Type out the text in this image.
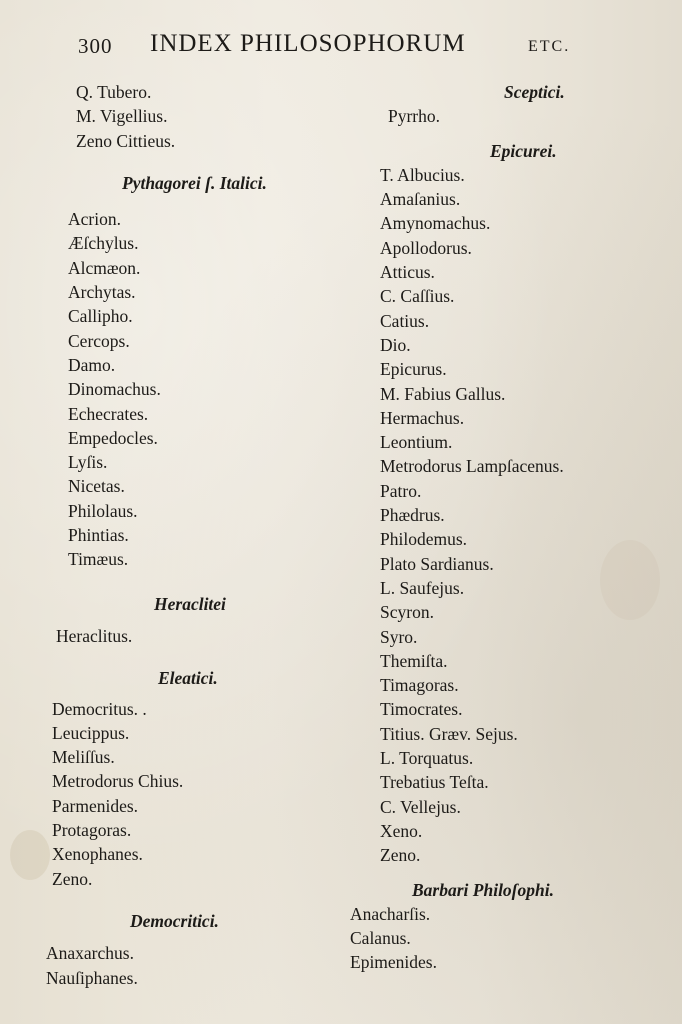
300 INDEX PHILOSOPHORUM	ETC.
Q. Tubero.
M. Vigellius.
Zeno Cittieus.
Pythagorei ſ. Italici.
Acrion.
Æſchylus.
Alcmæon.
Archytas.
Callipho.
Cercops.
Damo.
Dinomachus.
Echecrates.
Empedocles.
Lyſis.
Nicetas.
Philolaus.
Phintias.
Timæus.
Heraclitei
Heraclitus.
Eleatici.
Democritus. .
Leucippus.
Meliſſus.
Metrodorus Chius.
Parmenides.
Protagoras.
Xenophanes.
Zeno.
Democritici.
Anaxarchus.
Nauſiphanes.
Sceptici.
Pyrrho.
Epicurei.
T. Albucius.
Amaſanius.
Amynomachus.
Apollodorus.
Atticus.
C. Caſſius.
Catius.
Dio.
Epicurus.
M. Fabius Gallus.
Hermachus.
Leontium.
Metrodorus Lampſacenus.
Patro.
Phædrus.
Philodemus.
Plato Sardianus.
L. Saufejus.
Scyron.
Syro.
Themiſta.
Timagoras.
Timocrates.
Titius. Græv. Sejus.
L. Torquatus.
Trebatius Teſta.
C. Vellejus.
Xeno.
Zeno.
Barbari Philoſophi.
Anacharſis.
Calanus.
Epimenides.
